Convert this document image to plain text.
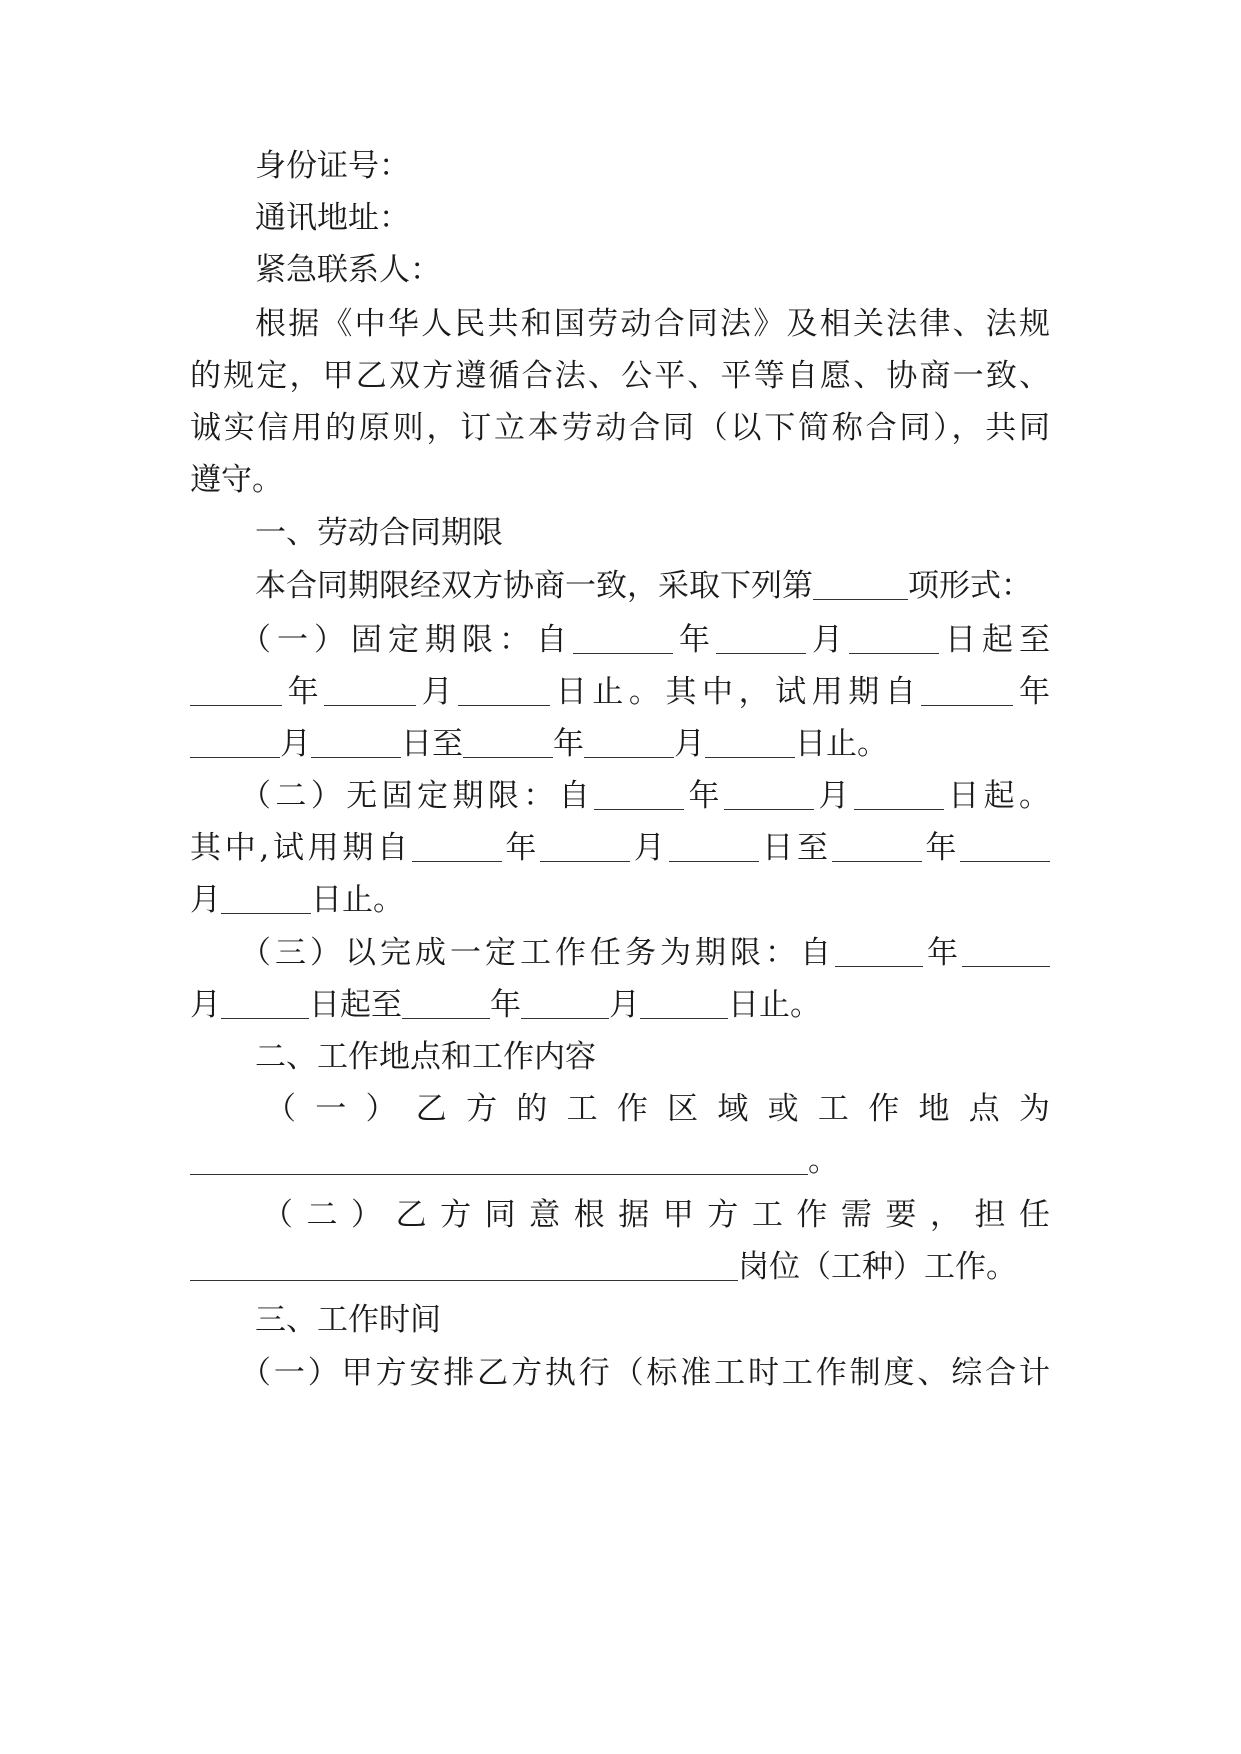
身份证号：
通讯地址：
紧急联系人：
根据《中华人民共和国劳动合同法》及相关法律、法规
的规定，甲乙双方遵循合法、公平、平等自愿、协商一致、
诚实信用的原则，订立本劳动合同（以下简称合同），共同
遵守。
一、劳动合同期限
本合同期限经双方协商一致，采取下列第	项形式：
（一）固定期限：自	年	月	日起至
年	月	日止。其中，试用期自	年
月	日至	年	月	日止。
（二）无固定期限：自	年	月	日起。
其中,试用期自	年	月	日至	年
月	日止。
（三）以完成一定工作任务为期限：自	年
月	日起至	年	月	日止。
二、工作地点和工作内容
（一）乙方的工作区域或工作地点为
。
（二）乙方同意根据甲方工作需要，担任
岗位（工种）工作。
三、工作时间
（一）甲方安排乙方执行（标准工时工作制度、综合计
